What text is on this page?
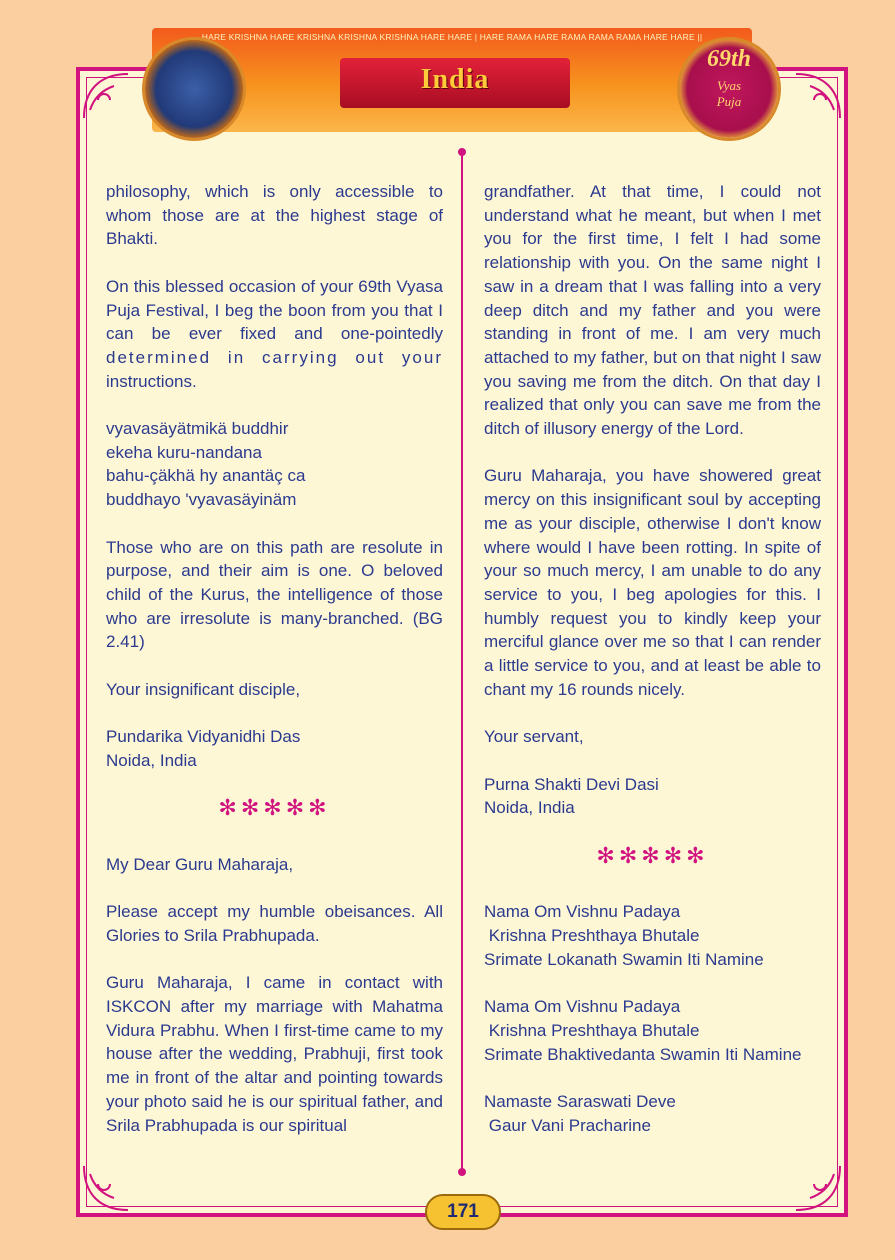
HARE KRISHNA HARE KRISHNA KRISHNA KRISHNA HARE HARE | HARE RAMA HARE RAMA RAMA RAMA HARE HARE ||
69th
Vyas
Puja
India

philosophy, which is only accessible to whom those are at the highest stage of Bhakti.

On this blessed occasion of your 69th Vyasa Puja Festival, I beg the boon from you that I can be ever fixed and one-pointedly determined in carrying out your instructions.

vyavasäyätmikä buddhir
ekeha kuru-nandana
bahu-çäkhä hy anantäç ca
buddhayo 'vyavasäyinäm

Those who are on this path are resolute in purpose, and their aim is one. O beloved child of the Kurus, the intelligence of those who are irresolute is many-branched. (BG 2.41)

Your insignificant disciple,

Pundarika Vidyanidhi Das
Noida, India

✻✻✻✻✻

My Dear Guru Maharaja,

Please accept my humble obeisances. All Glories to Srila Prabhupada.

Guru Maharaja, I came in contact with ISKCON after my marriage with Mahatma Vidura Prabhu. When I first-time came to my house after the wedding, Prabhuji, first took me in front of the altar and pointing towards your photo said he is our spiritual father, and Srila Prabhupada is our spiritual

grandfather. At that time, I could not understand what he meant, but when I met you for the first time, I felt I had some relationship with you. On the same night I saw in a dream that I was falling into a very deep ditch and my father and you were standing in front of me. I am very much attached to my father, but on that night I saw you saving me from the ditch. On that day I realized that only you can save me from the ditch of illusory energy of the Lord.

Guru Maharaja, you have showered great mercy on this insignificant soul by accepting me as your disciple, otherwise I don't know where would I have been rotting. In spite of your so much mercy, I am unable to do any service to you, I beg apologies for this. I humbly request you to kindly keep your merciful glance over me so that I can render a little service to you, and at least be able to chant my 16 rounds nicely.

Your servant,

Purna Shakti Devi Dasi
Noida, India

✻✻✻✻✻

Nama Om Vishnu Padaya
Krishna Preshthaya Bhutale
Srimate Lokanath Swamin Iti Namine

Nama Om Vishnu Padaya
Krishna Preshthaya Bhutale
Srimate Bhaktivedanta Swamin Iti Namine

Namaste Saraswati Deve
Gaur Vani Pracharine

171
